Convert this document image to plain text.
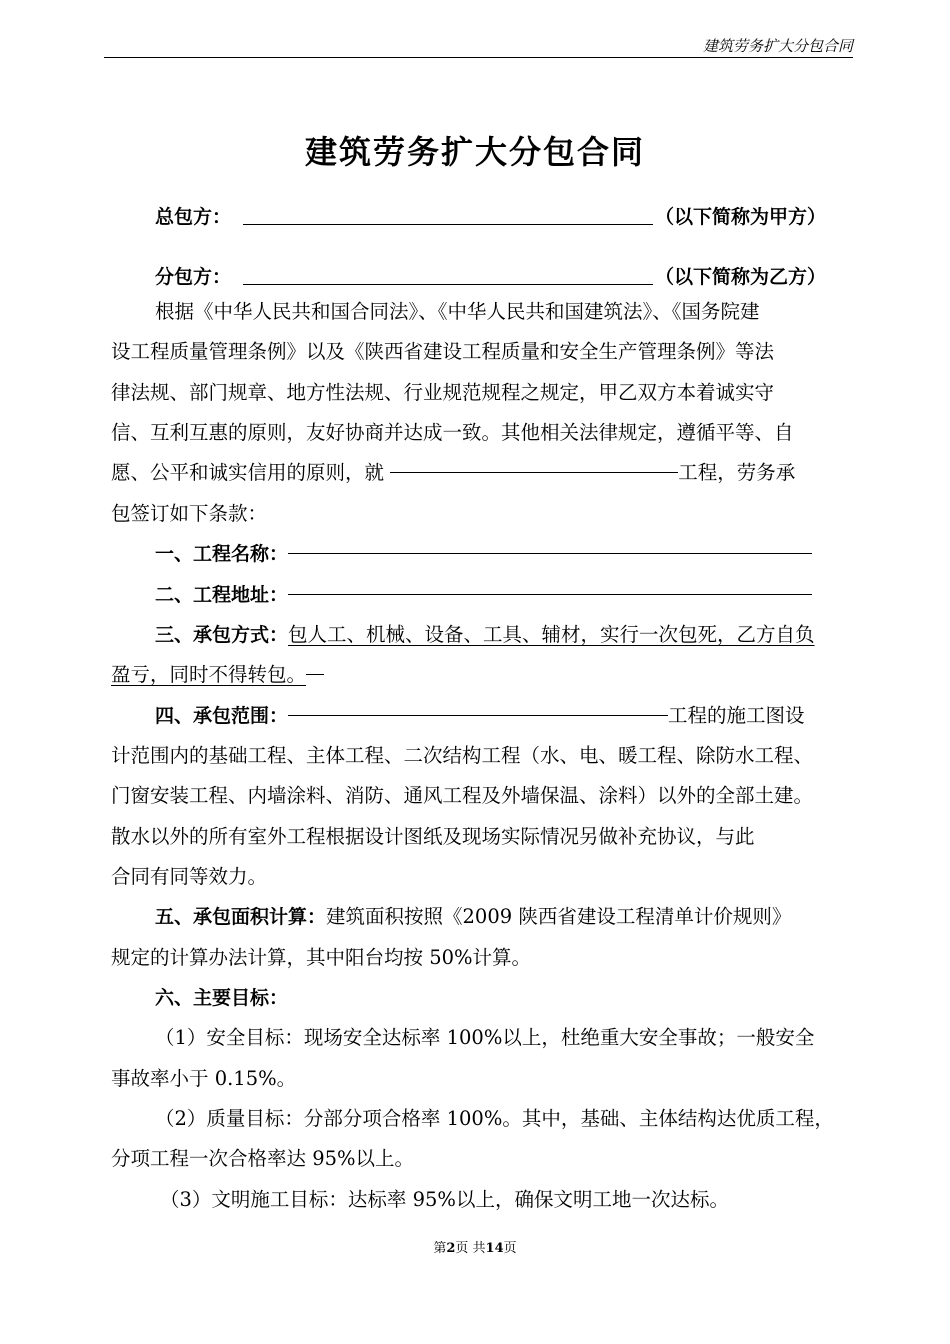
建筑劳务扩大分包合同
建筑劳务扩大分包合同
总包方：	（以下简称为甲方）
分包方：	（以下简称为乙方）
根据《中华人民共和国合同法》、《中华人民共和国建筑法》、《国务院建
设工程质量管理条例》以及《陕西省建设工程质量和安全生产管理条例》等法
律法规、部门规章、地方性法规、行业规范规程之规定，甲乙双方本着诚实守
信、互利互惠的原则，友好协商并达成一致。其他相关法律规定，遵循平等、自
愿、公平和诚实信用的原则，就	工程，劳务承
包签订如下条款：
一、工程名称：
二、工程地址：
三、承包方式：包人工、机械、设备、工具、辅材，实行一次包死，乙方自负
盈亏，同时不得转包。
四、承包范围：	工程的施工图设
计范围内的基础工程、主体工程、二次结构工程（水、电、暖工程、除防水工程、
门窗安装工程、内墙涂料、消防、通风工程及外墙保温、涂料）以外的全部土建。
散水以外的所有室外工程根据设计图纸及现场实际情况另做补充协议，与此
合同有同等效力。
五、承包面积计算：建筑面积按照《2009 陕西省建设工程清单计价规则》
规定的计算办法计算，其中阳台均按 50%计算。
六、主要目标：
（1）安全目标：现场安全达标率 100%以上，杜绝重大安全事故；一般安全
事故率小于 0.15%。
（2）质量目标：分部分项合格率 100%。其中，基础、主体结构达优质工程，
分项工程一次合格率达 95%以上。
（3）文明施工目标：达标率 95%以上，确保文明工地一次达标。
第2页 共14页
